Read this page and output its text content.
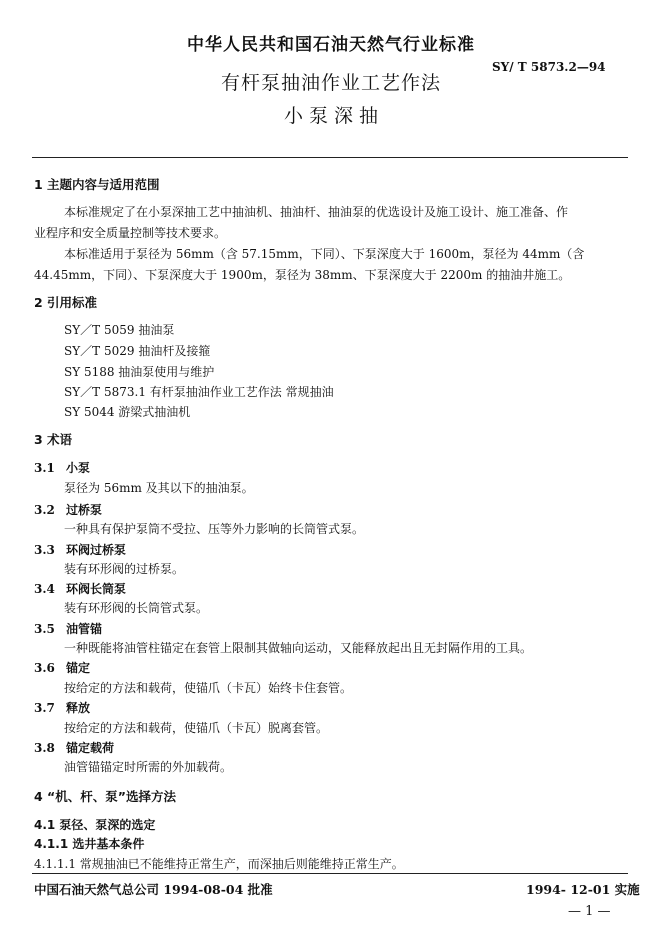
中华人民共和国石油天然气行业标准
SY/ T 5873.2—94
有杆泵抽油作业工艺作法
小 泵 深 抽
1 主题内容与适用范围
本标准规定了在小泵深抽工艺中抽油机、抽油杆、抽油泵的优选设计及施工设计、施工准备、作
业程序和安全质量控制等技术要求。
本标准适用于泵径为 56mm（含 57.15mm，下同）、下泵深度大于 1600m，泵径为 44mm（含
44.45mm，下同）、下泵深度大于 1900m，泵径为 38mm、下泵深度大于 2200m 的抽油井施工。
2 引用标准
SY／T 5059 抽油泵
SY／T 5029 抽油杆及接箍
SY 5188 抽油泵使用与维护
SY／T 5873.1 有杆泵抽油作业工艺作法 常规抽油
SY 5044 游梁式抽油机
3 术语
3.1 小泵
泵径为 56mm 及其以下的抽油泵。
3.2 过桥泵
一种具有保护泵筒不受拉、压等外力影响的长筒管式泵。
3.3 环阀过桥泵
装有环形阀的过桥泵。
3.4 环阀长筒泵
装有环形阀的长筒管式泵。
3.5 油管锚
一种既能将油管柱锚定在套管上限制其做轴向运动，又能释放起出且无封隔作用的工具。
3.6 锚定
按给定的方法和载荷，使锚爪（卡瓦）始终卡住套管。
3.7 释放
按给定的方法和载荷，使锚爪（卡瓦）脱离套管。
3.8 锚定载荷
油管锚锚定时所需的外加载荷。
4 “机、杆、泵”选择方法
4.1 泵径、泵深的选定
4.1.1 选井基本条件
4.1.1.1 常规抽油已不能维持正常生产，而深抽后则能维持正常生产。
中国石油天然气总公司 1994-08-04 批准	1994- 12-01 实施
— 1 —
